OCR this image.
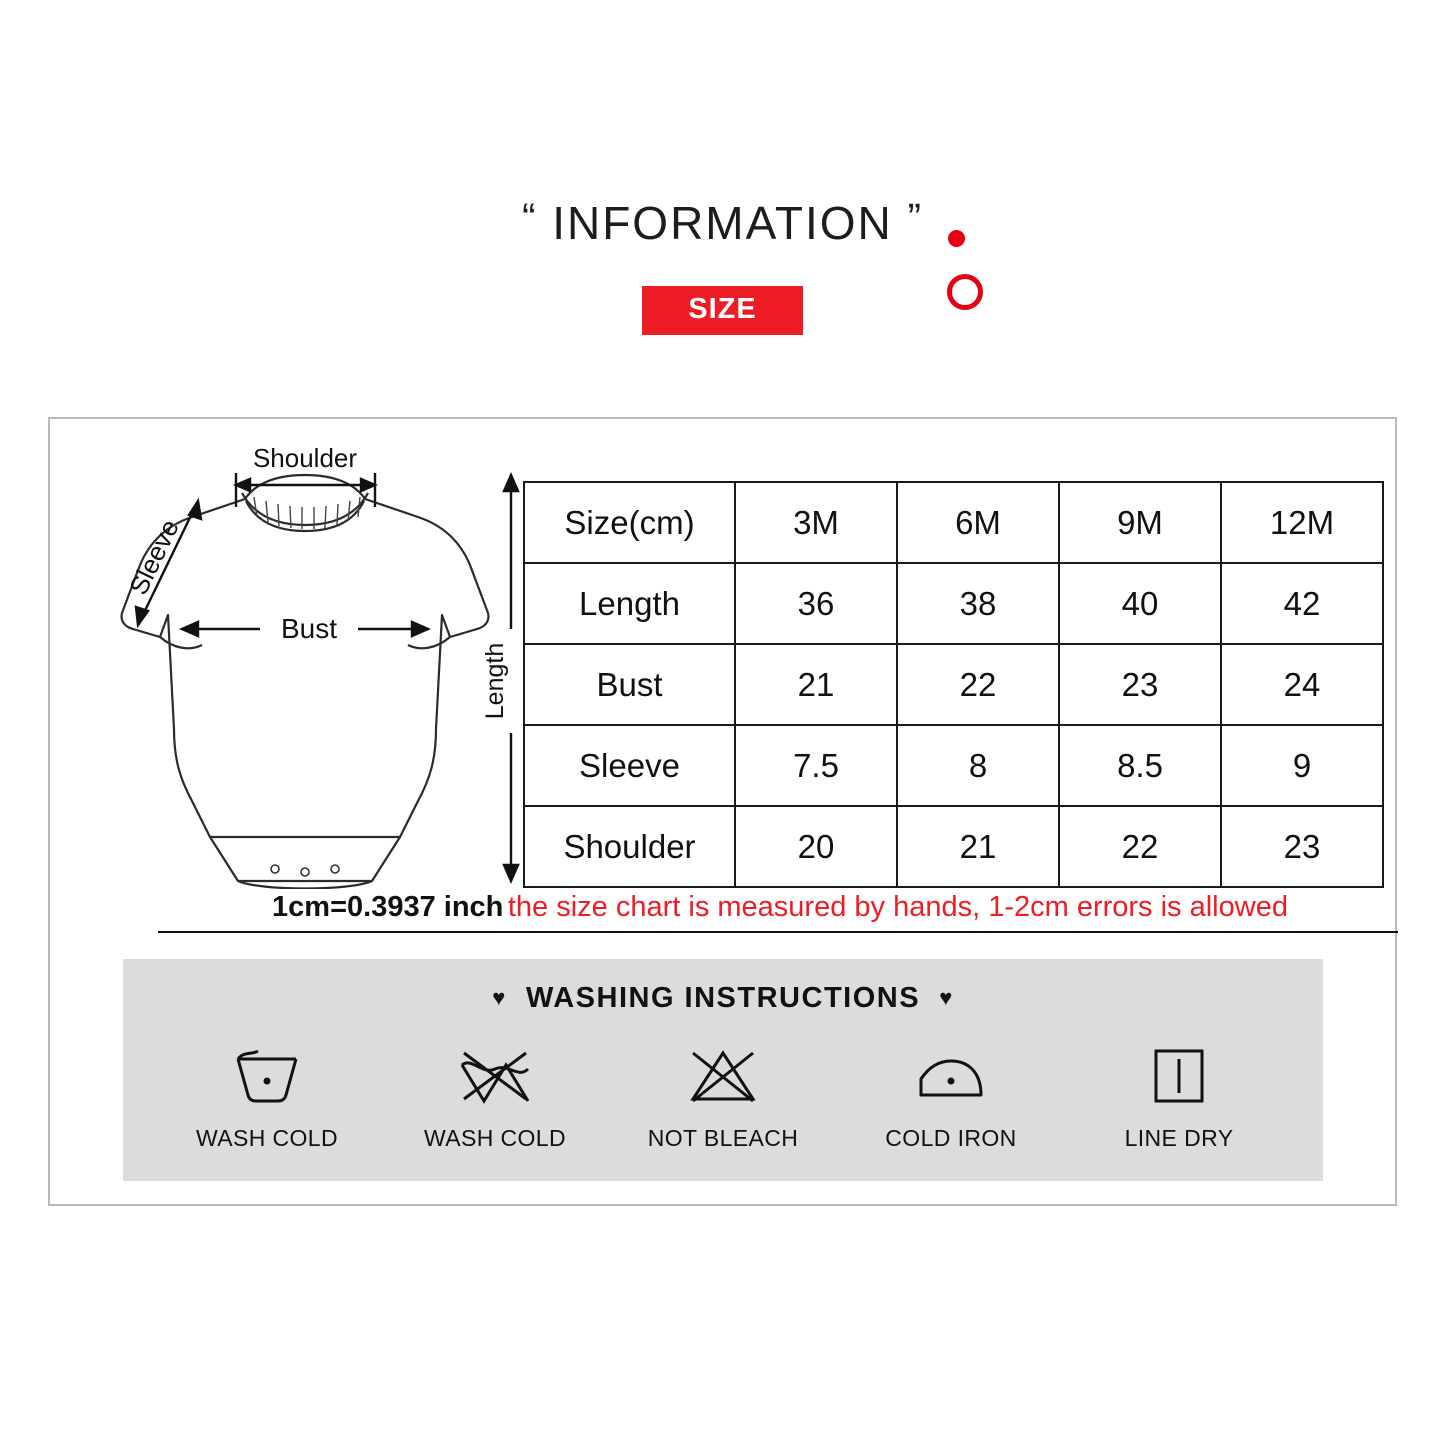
“ INFORMATION ”
SIZE
Shoulder
Sleeve
Bust
Length
Size(cm)	3M	6M	9M	12M
Length	36	38	40	42
Bust	21	22	23	24
Sleeve	7.5	8	8.5	9
Shoulder	20	21	22	23
1cm=0.3937 inch the size chart is measured by hands, 1-2cm errors is allowed
♥ WASHING INSTRUCTIONS ♥
WASH COLD	WASH COLD	NOT BLEACH	COLD IRON	LINE DRY
